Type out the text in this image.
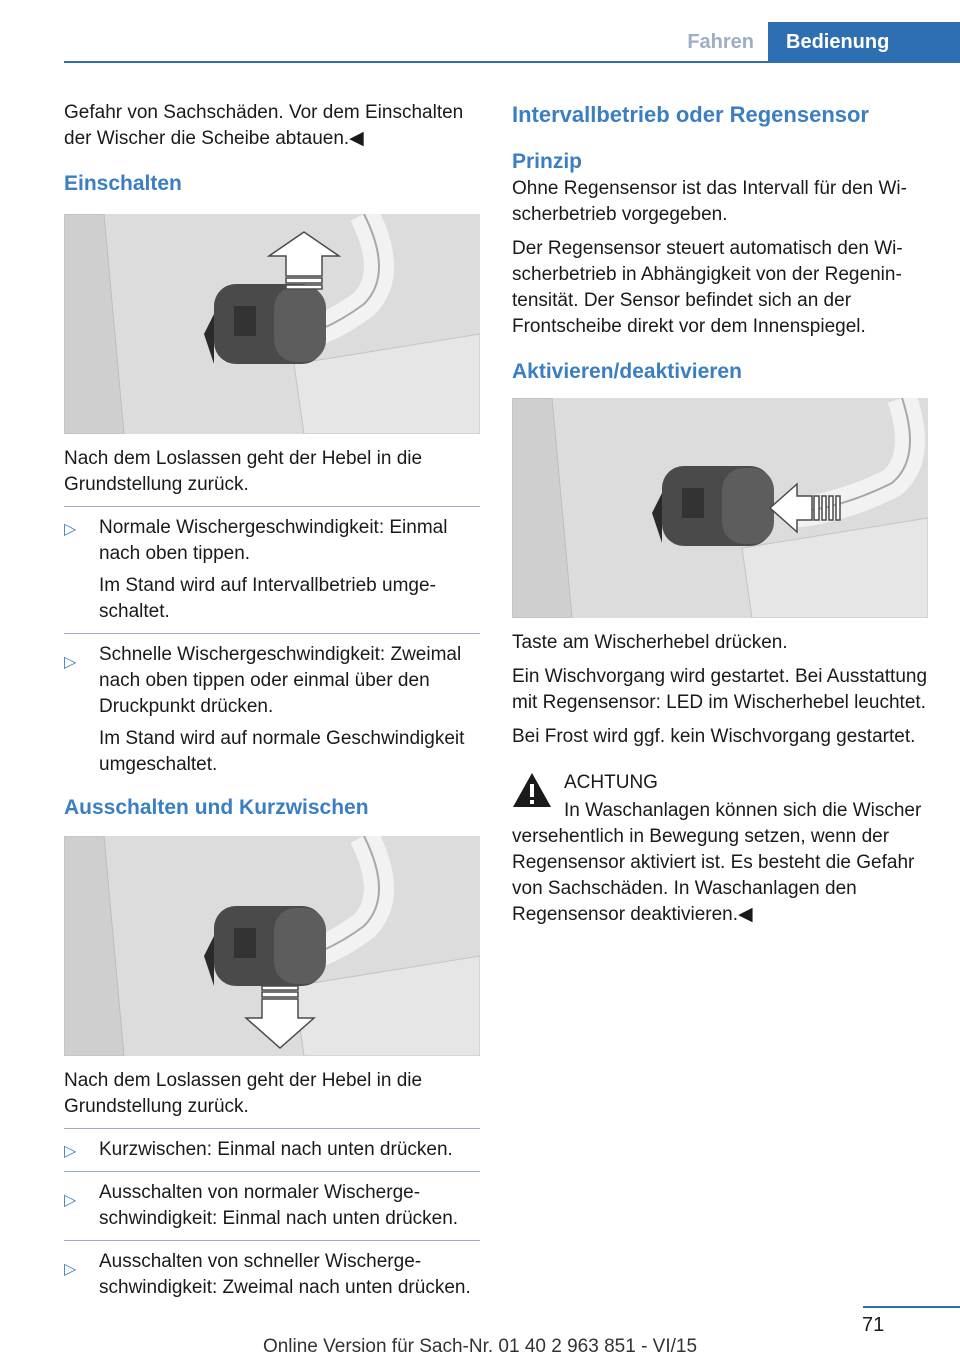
Fahren	Bedienung

Gefahr von Sachschäden. Vor dem Einschalten der Wischer die Scheibe abtauen.◀

Einschalten

Nach dem Loslassen geht der Hebel in die Grundstellung zurück.

▷ Normale Wischergeschwindigkeit: Einmal nach oben tippen.

Im Stand wird auf Intervallbetrieb umgeschaltet.

▷ Schnelle Wischergeschwindigkeit: Zweimal nach oben tippen oder einmal über den Druckpunkt drücken.

Im Stand wird auf normale Geschwindigkeit umgeschaltet.

Ausschalten und Kurzwischen

Nach dem Loslassen geht der Hebel in die Grundstellung zurück.

▷ Kurzwischen: Einmal nach unten drücken.

▷ Ausschalten von normaler Wischergeschwindigkeit: Einmal nach unten drücken.

▷ Ausschalten von schneller Wischergeschwindigkeit: Zweimal nach unten drücken.

Intervallbetrieb oder Regensensor
Prinzip

Ohne Regensensor ist das Intervall für den Wischerbetrieb vorgegeben.

Der Regensensor steuert automatisch den Wischerbetrieb in Abhängigkeit von der Regenintensität. Der Sensor befindet sich an der Frontscheibe direkt vor dem Innenspiegel.

Aktivieren/deaktivieren

Taste am Wischerhebel drücken.

Ein Wischvorgang wird gestartet. Bei Ausstattung mit Regensensor: LED im Wischerhebel leuchtet.

Bei Frost wird ggf. kein Wischvorgang gestartet.

ACHTUNG

In Waschanlagen können sich die Wischer versehentlich in Bewegung setzen, wenn der Regensensor aktiviert ist. Es besteht die Gefahr von Sachschäden. In Waschanlagen den Regensensor deaktivieren.◀

71
Online Version für Sach-Nr. 01 40 2 963 851 - VI/15
